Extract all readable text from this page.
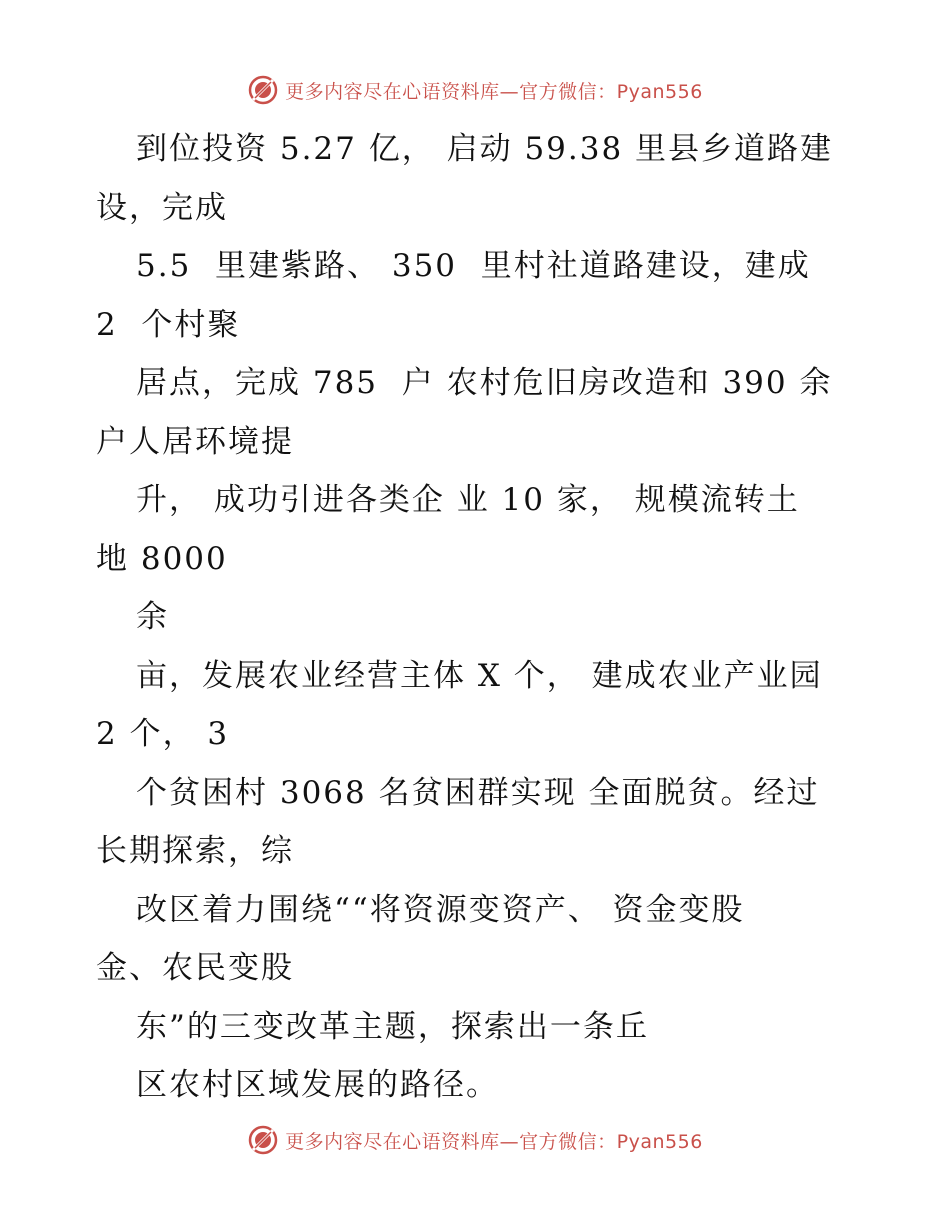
更多内容尽在心语资料库—官方微信：Pyan556
到位投资 5.27 亿， 启动 59.38 里县乡道路建
设，完成
5.5  里建紫路、 350  里村社道路建设，建成
2  个村聚
居点，完成 785  户 农村危旧房改造和 390 余
户人居环境提
升， 成功引进各类企 业 10 家， 规模流转土
地 8000
余
亩，发展农业经营主体 X 个， 建成农业产业园
2 个， 3
个贫困村 3068 名贫困群实现 全面脱贫。经过
长期探索，综
改区着力围绕““将资源变资产、 资金变股
金、农民变股
东”的三变改革主题，探索出一条丘
区农村区域发展的路径。
更多内容尽在心语资料库—官方微信：Pyan556
